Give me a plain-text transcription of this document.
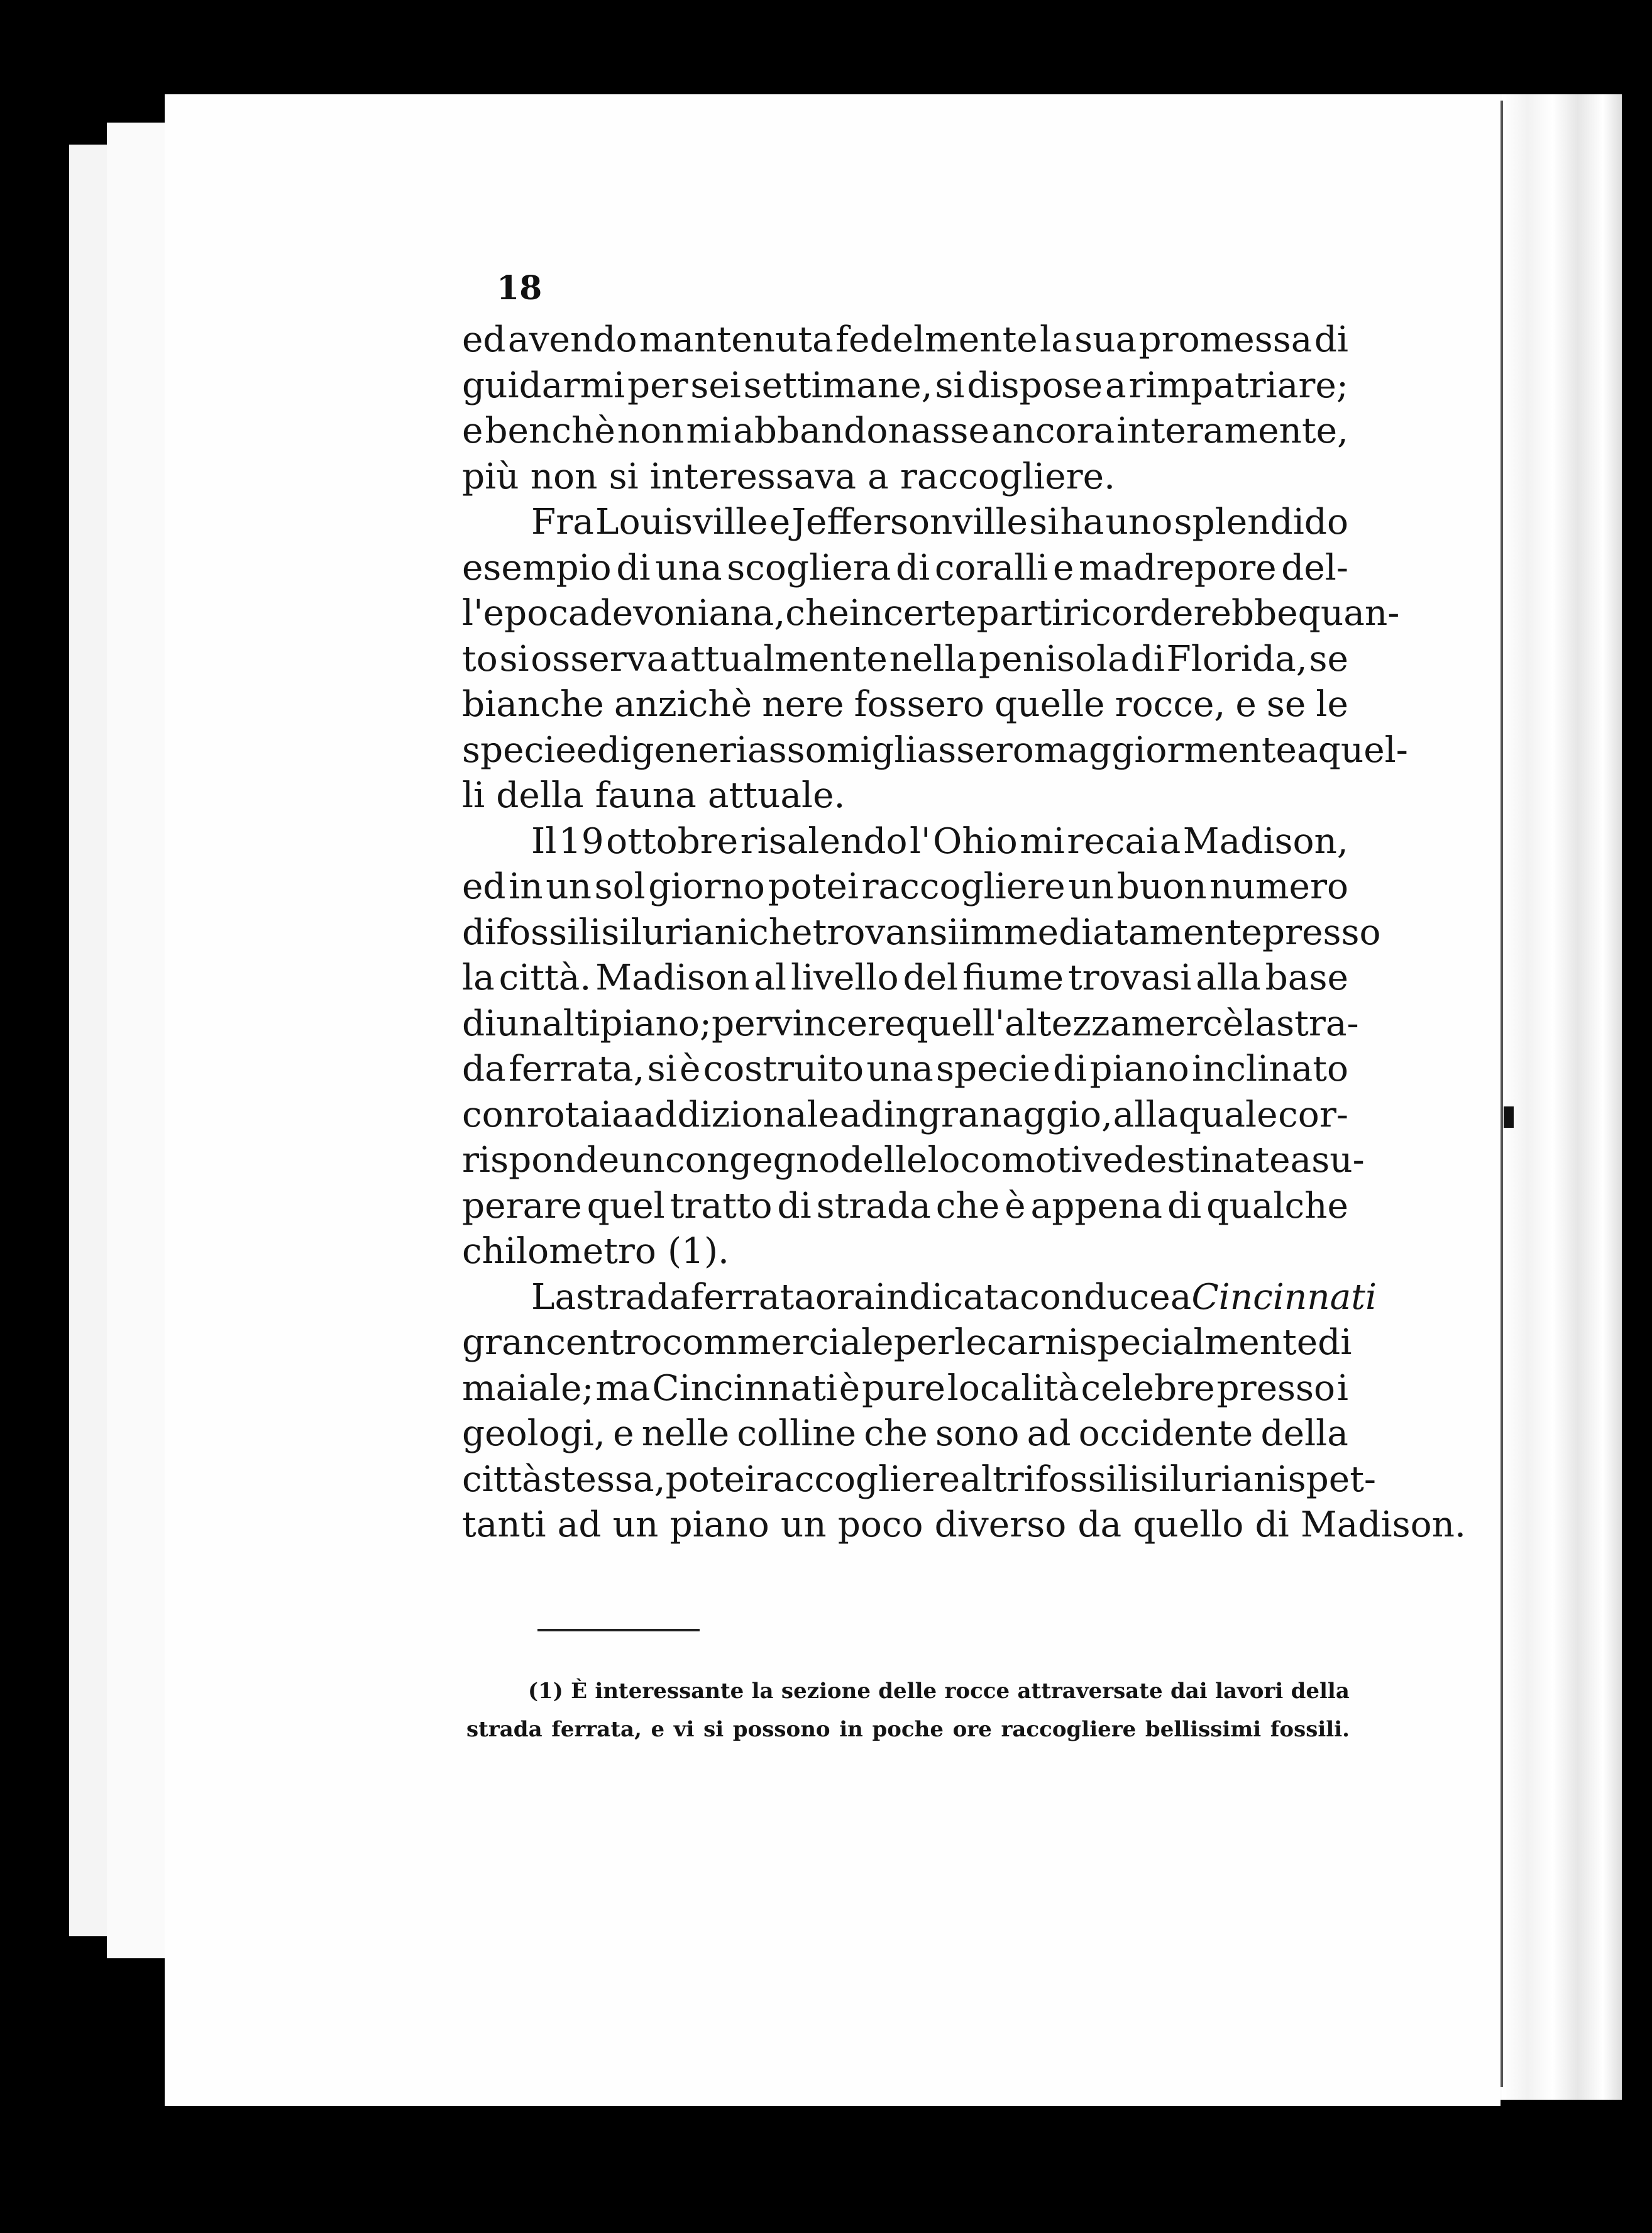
18
ed avendo mantenuta fedelmente la sua promessa di
guidarmi per sei settimane, si dispose a rimpatriare;
e benchè non mi abbandonasse ancora interamente,
più non si interessava a raccogliere.
Fra Louisville e Jeffersonville si ha uno splendido
esempio di una scogliera di coralli e madrepore del-
l'epoca devoniana, che in certe parti ricorderebbe quan-
to si osserva attualmente nella penisola di Florida, se
bianche anzichè nere fossero quelle rocce, e se le
specie ed i generi assomigliassero maggiormente a quel-
li della fauna attuale.
Il 19 ottobre risalendo l' Ohio mi recai a Madison,
ed in un sol giorno potei raccogliere un buon numero
di fossili siluriani che trovansi immediatamente presso
la città. Madison al livello del fiume trovasi alla base
di un altipiano; per vincere quell' altezza mercè la stra-
da ferrata, si è costruito una specie di piano inclinato
con rotaia addizionale ad ingranaggio, alla quale cor-
risponde un congegno delle locomotive destinate a su-
perare quel tratto di strada che è appena di qualche
chilometro (1).
La strada ferrata ora indicata conduce a Cincinnati
gran centro commerciale per le carni specialmente di
maiale; ma Cincinnati è pure località celebre presso i
geologi, e nelle colline che sono ad occidente della
città stessa, potei raccogliere altri fossili siluriani spet-
tanti ad un piano un poco diverso da quello di Madison.
(1) È interessante la sezione delle rocce attraversate dai lavori della
strada ferrata, e vi si possono in poche ore raccogliere bellissimi fossili.
